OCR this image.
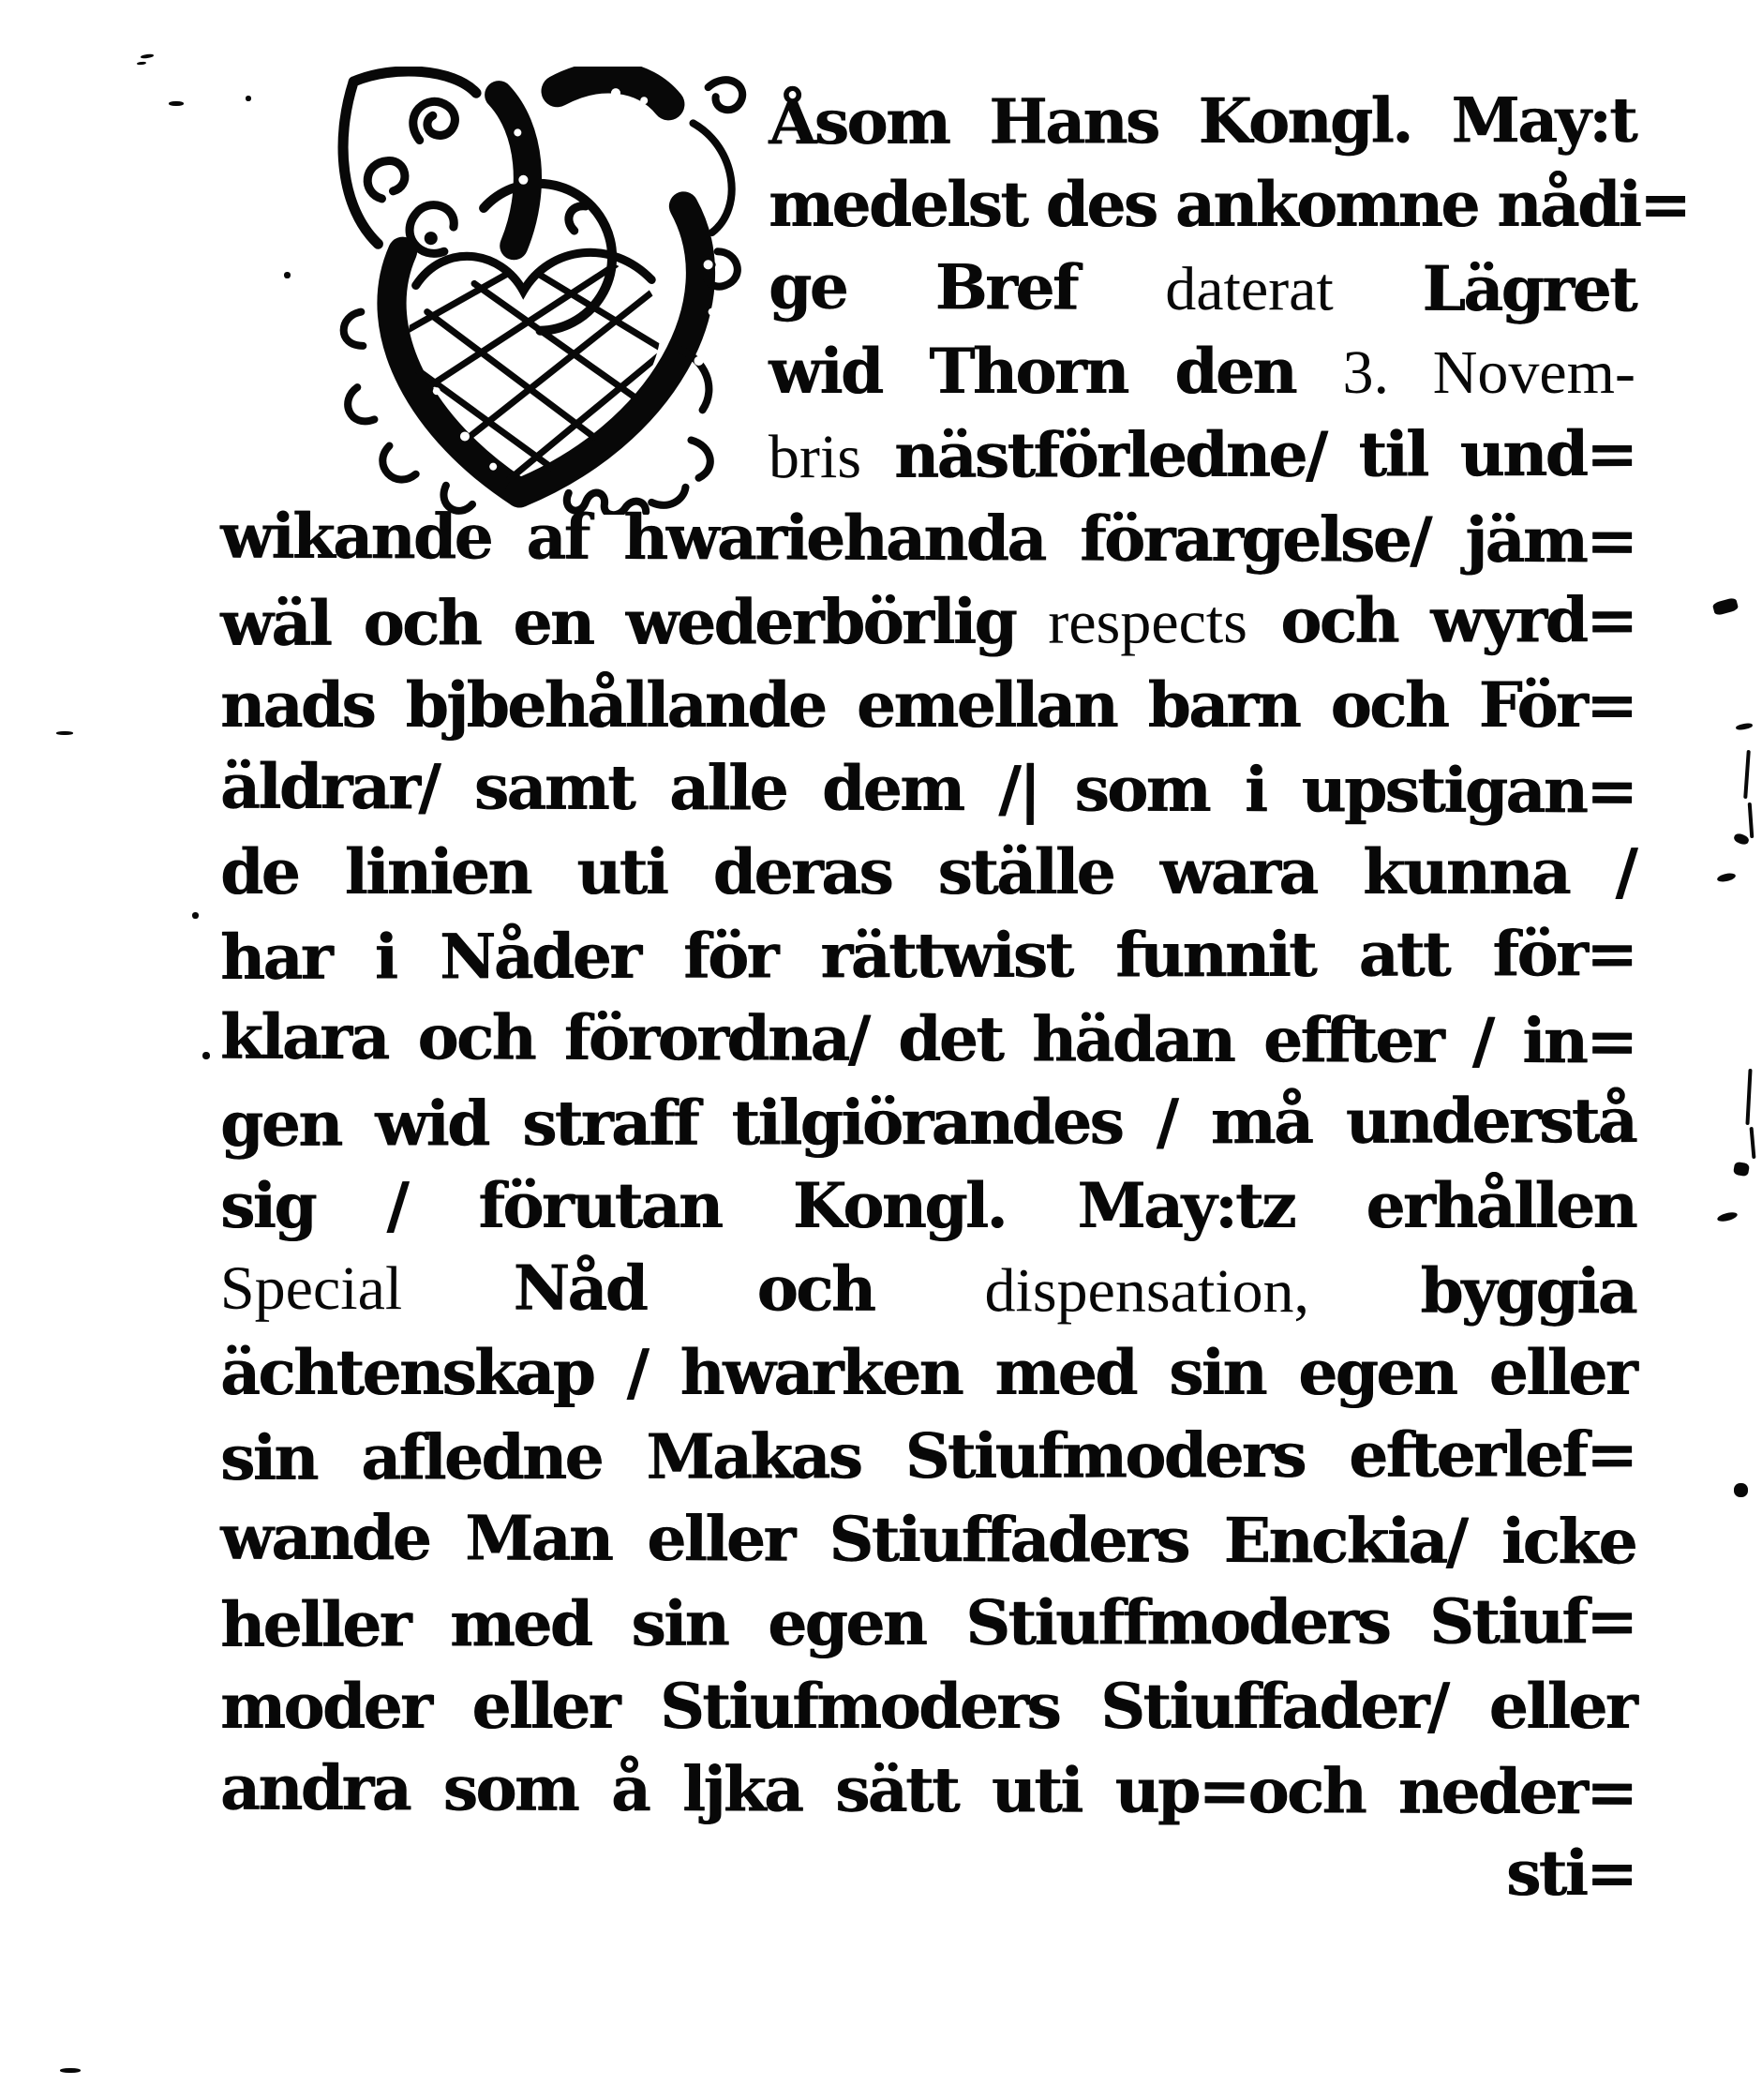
Åsom Hans Kongl. May:t
medelst des ankomne nådi=
ge Bref daterat Lägret
wid Thorn den 3. Novem-
bris nästförledne/ til und=
wikande af hwariehanda förargelse/ jäm=
wäl och en wederbörlig respects och wyrd=
nads bjbehållande emellan barn och För=
äldrar/ samt alle dem /| som i upstigan=
de linien uti deras ställe wara kunna /
har i Nåder för rättwist funnit att för=
klara och förordna/ det hädan effter / in=
gen wid straff tilgiörandes / må understå
sig / förutan Kongl. May:tz erhållen
Special Nåd och dispensation, byggia
ächtenskap / hwarken med sin egen eller
sin afledne Makas Stiufmoders efterlef=
wande Man eller Stiuffaders Enckia/ icke
heller med sin egen Stiuffmoders Stiuf=
moder eller Stiufmoders Stiuffader/ eller
andra som å ljka sätt uti up=och neder=
sti=
